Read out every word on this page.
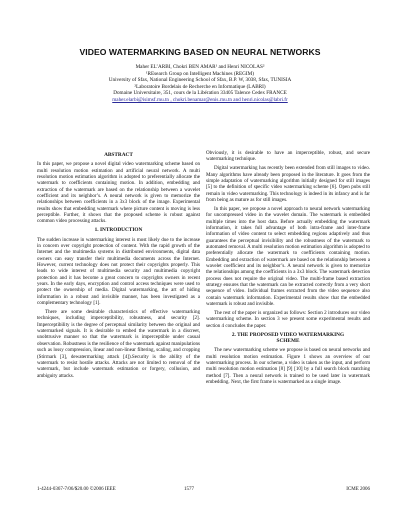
VIDEO WATERMARKING BASED ON NEURAL NETWORKS
Maher EL’ARBI, Chokri BEN AMAR¹ and Henri NICOLAS²
¹REsearch Group on Intelligent Machines (REGIM)
University of Sfax, National Engineering School of Sfax, B.P. W, 3038, Sfax, TUNISIA
²Laboratoire Bordelais de Recherche en Informatique (LABRI)
Domaine Universitaire, 351, cours de la Libération 33405 Talence Cedex FRANCE
maher.elarbi@isimsf.rnu.tn , chokri.benamar@enis.rnu.tn and henri.nicolas@labri.fr
ABSTRACT

In this paper, we propose a novel digital video watermarking scheme based on multi resolution motion estimation and artificial neural network. A multi resolution motion estimation algorithm is adopted to preferentially allocate the watermark to coefficients containing motion. In addition, embedding and extraction of the watermark are based on the relationship between a wavelet coefficient and its neighbor’s. A neural network is given to memorize the relationships between coefficients in a 3x3 block of the image. Experimental results show that embedding watermark where picture content is moving is less perceptible. Further, it shows that the proposed scheme is robust against common video processing attacks.

1. INTRODUCTION

The sudden increase in watermarking interest is most likely due to the increase in concern over copyright protection of content. With the rapid growth of the Internet and the multimedia systems in distributed environments, digital data owners can easy transfer their multimedia documents across the Internet. However, current technology does not protect their copyrights properly. This leads to wide interest of multimedia security and multimedia copyright protection and it has become a great concern to copyrights owners in recent years. In the early days, encryption and control access techniques were used to protect the ownership of media. Digital watermarking, the art of hiding information in a robust and invisible manner, has been investigated as a complementary technology [1].

There are some desirable characteristics of effective watermarking techniques, including imperceptibility, robustness, and security [2]. Imperceptibility is the degree of perceptual similarity between the original and watermarked signals. It is desirable to embed the watermark in a discreet, unobtrusive manner so that the watermark is imperceptible under casual observation. Robustness is the resilience of the watermark against manipulations such as lossy compression, linear and non-linear filtering, scaling, and cropping (Stirmark [3], dewatermarking attack [4]).Security is the ability of the watermark to resist hostile attacks. Attacks are not limited to removal of the watermark, but include watermark estimation or forgery, collusion, and ambiguity attacks.

Obviously, it is desirable to have an imperceptible, robust, and secure watermarking technique.

Digital watermarking has recently been extended from still images to video. Many algorithms have already been proposed in the literature. It goes from the simple adaptation of watermarking algorithm initially designed for still images [5] to the definition of specific video watermarking scheme [6]. Open pubs still remain in video watermarking. This technology is indeed in its infancy and is far from being as mature as for still images.

In this paper, we propose a novel approach to neural network watermarking for uncompressed video in the wavelet domain. The watermark is embedded multiple times into the host data. Before actually embedding the watermark information, it takes full advantage of both intra-frame and inter-frame information of video content to select embedding regions adaptively and thus guarantees the perceptual invisibility and the robustness of the watermark to automated removal. A multi resolution motion estimation algorithm is adopted to preferentially allocate the watermark to coefficients containing motion. Embedding and extraction of watermark are based on the relationship between a wavelet coefficient and its neighbor’s. A neural network is given to memorize the relationships among the coefficients in a 3x3 block. The watermark detection process does not require the original video. The multi-frame based extraction strategy ensures that the watermark can be extracted correctly from a very short sequence of video. Individual frames extracted from the video sequence also contain watermark information. Experimental results show that the embedded watermark is robust and invisible.

The rest of the paper is organized as follows: Section 2 introduces our video watermarking scheme. In section 3 we present some experimental results and section 4 concludes the paper.

2. THE PROPOSED VIDEO WATERMARKING
SCHEME

The new watermarking scheme we propose is based on neural networks and multi resolution motion estimation. Figure 1 shows an overview of our watermarking process. In our scheme, a video is taken as the input, and perform multi resolution motion estimation [8] [9] [10] by a full search block matching method [7]. Then a neural network is trained to be used later in watermark embedding. Next, the first frame is watermarked as a single image.

1-4244-0367-7/06/$20.00 ©2006 IEEE	1577	ICME 2006
